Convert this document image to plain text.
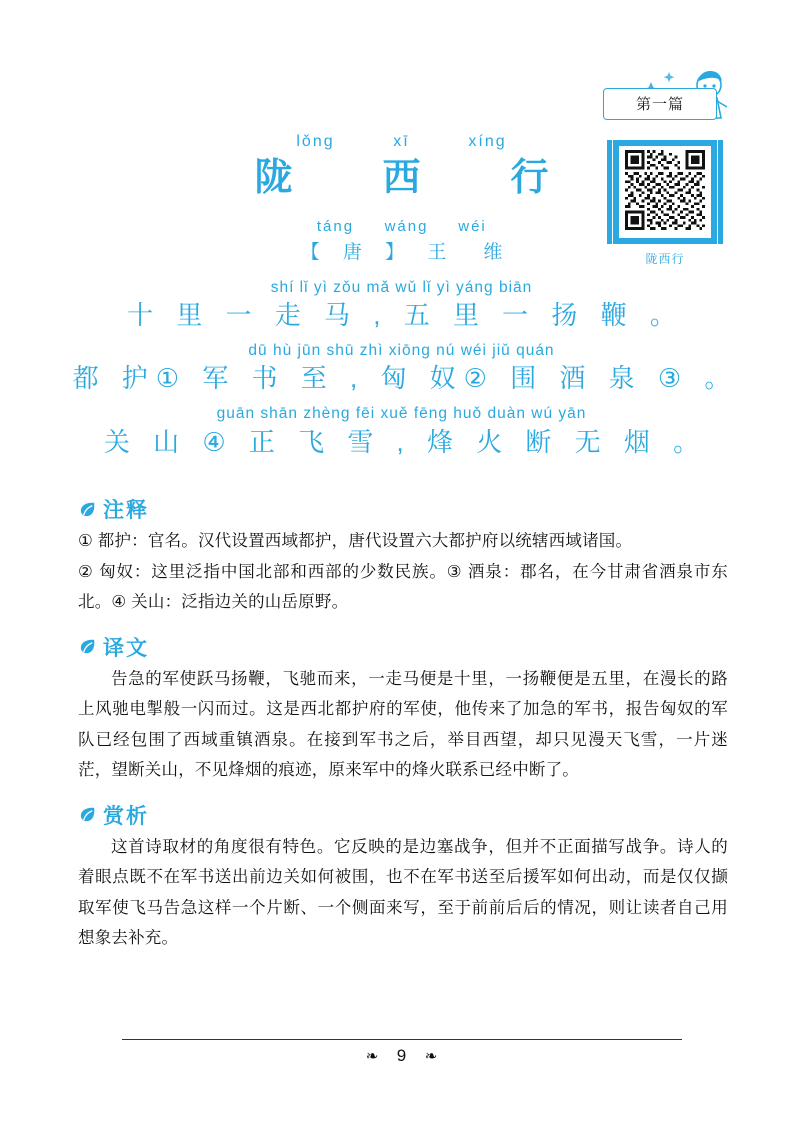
第一篇
陇西行
lǒng	xī	xíng
陇　西　行
táng wáng wéi
【 唐 】 王　维
shí lǐ yì zǒu mǎ wǔ lǐ yì yáng biān
十 里 一 走 马 , 五 里 一 扬 鞭 。
dū hù jūn shū zhì xiōng nú wéi jiǔ quán
都 护① 军 书 至 , 匈 奴② 围 酒 泉 ③ 。
guān shān zhèng fēi xuě fēng huǒ duàn wú yān
关 山 ④ 正 飞 雪 , 烽 火 断 无 烟 。
注释
① 都护：官名。汉代设置西域都护，唐代设置六大都护府以统辖西域诸国。
② 匈奴：这里泛指中国北部和西部的少数民族。③ 酒泉：郡名，在今甘肃省酒泉市东北。④ 关山：泛指边关的山岳原野。
译文
告急的军使跃马扬鞭，飞驰而来，一走马便是十里，一扬鞭便是五里，在漫长的路上风驰电掣般一闪而过。这是西北都护府的军使，他传来了加急的军书，报告匈奴的军队已经包围了西域重镇酒泉。在接到军书之后，举目西望，却只见漫天飞雪，一片迷茫，望断关山，不见烽烟的痕迹，原来军中的烽火联系已经中断了。
赏析
这首诗取材的角度很有特色。它反映的是边塞战争，但并不正面描写战争。诗人的着眼点既不在军书送出前边关如何被围，也不在军书送至后援军如何出动，而是仅仅撷取军使飞马告急这样一个片断、一个侧面来写，至于前前后后的情况，则让读者自己用想象去补充。
❧ 9 ❧
